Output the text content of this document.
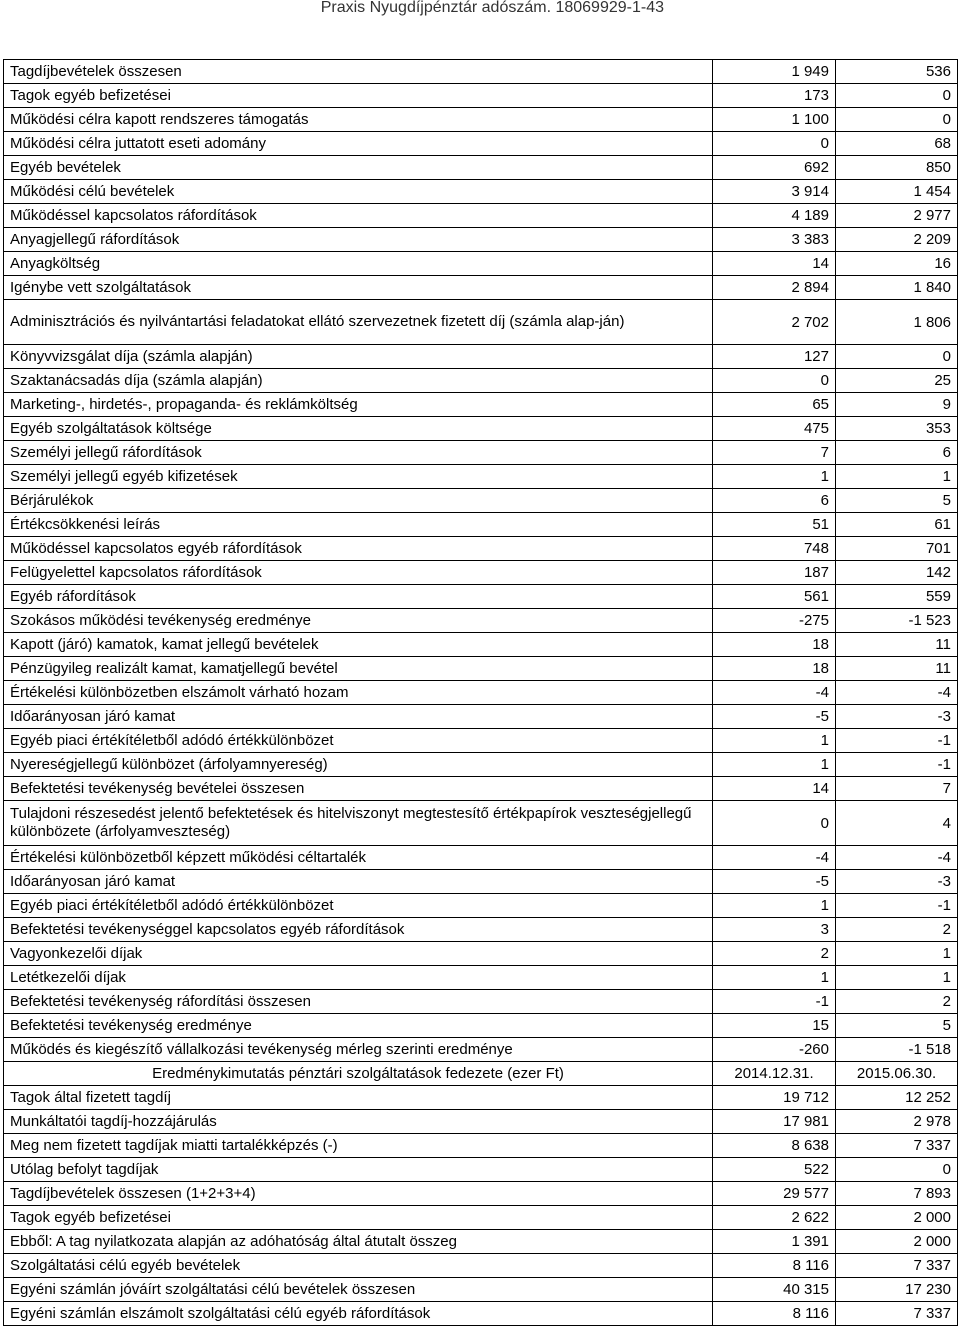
Praxis Nyugdíjpénztár adószám. 18069929-1-43
Tagdíjbevételek összesen	1 949	536
Tagok egyéb befizetései	173	0
Működési célra kapott rendszeres támogatás	1 100	0
Működési célra juttatott eseti adomány	0	68
Egyéb bevételek	692	850
Működési célú bevételek	3 914	1 454
Működéssel kapcsolatos ráfordítások	4 189	2 977
Anyagjellegű ráfordítások	3 383	2 209
Anyagköltség	14	16
Igénybe vett szolgáltatások	2 894	1 840
Adminisztrációs és nyilvántartási feladatokat ellátó szervezetnek fizetett díj (számla alap-ján)	2 702	1 806
Könyvvizsgálat díja (számla alapján)	127	0
Szaktanácsadás díja (számla alapján)	0	25
Marketing-, hirdetés-, propaganda- és reklámköltség	65	9
Egyéb szolgáltatások költsége	475	353
Személyi jellegű ráfordítások	7	6
Személyi jellegű egyéb kifizetések	1	1
Bérjárulékok	6	5
Értékcsökkenési leírás	51	61
Működéssel kapcsolatos egyéb ráfordítások	748	701
Felügyelettel kapcsolatos ráfordítások	187	142
Egyéb ráfordítások	561	559
Szokásos működési tevékenység eredménye	-275	-1 523
Kapott (járó) kamatok, kamat jellegű bevételek	18	11
Pénzügyileg realizált kamat, kamatjellegű bevétel	18	11
Értékelési különbözetben elszámolt várható hozam	-4	-4
Időarányosan járó kamat	-5	-3
Egyéb piaci értékítéletből adódó értékkülönbözet	1	-1
Nyereségjellegű különbözet (árfolyamnyereség)	1	-1
Befektetési tevékenység bevételei összesen	14	7
Tulajdoni részesedést jelentő befektetések és hitelviszonyt megtestesítő értékpapírok veszteségjellegű különbözete (árfolyamveszteség)	0	4
Értékelési különbözetből képzett működési céltartalék	-4	-4
Időarányosan járó kamat	-5	-3
Egyéb piaci értékítéletből adódó értékkülönbözet	1	-1
Befektetési tevékenységgel kapcsolatos egyéb ráfordítások	3	2
Vagyonkezelői díjak	2	1
Letétkezelői díjak	1	1
Befektetési tevékenység ráfordítási összesen	-1	2
Befektetési tevékenység eredménye	15	5
Működés és kiegészítő vállalkozási tevékenység mérleg szerinti eredménye	-260	-1 518
Eredménykimutatás pénztári szolgáltatások fedezete (ezer Ft)	2014.12.31.	2015.06.30.
Tagok által fizetett tagdíj	19 712	12 252
Munkáltatói tagdíj-hozzájárulás	17 981	2 978
Meg nem fizetett tagdíjak miatti tartalékképzés (-)	8 638	7 337
Utólag befolyt tagdíjak	522	0
Tagdíjbevételek összesen (1+2+3+4)	29 577	7 893
Tagok egyéb befizetései	2 622	2 000
Ebből: A tag nyilatkozata alapján az adóhatóság által átutalt összeg	1 391	2 000
Szolgáltatási célú egyéb bevételek	8 116	7 337
Egyéni számlán jóváírt szolgáltatási célú bevételek összesen	40 315	17 230
Egyéni számlán elszámolt szolgáltatási célú egyéb ráfordítások	8 116	7 337
